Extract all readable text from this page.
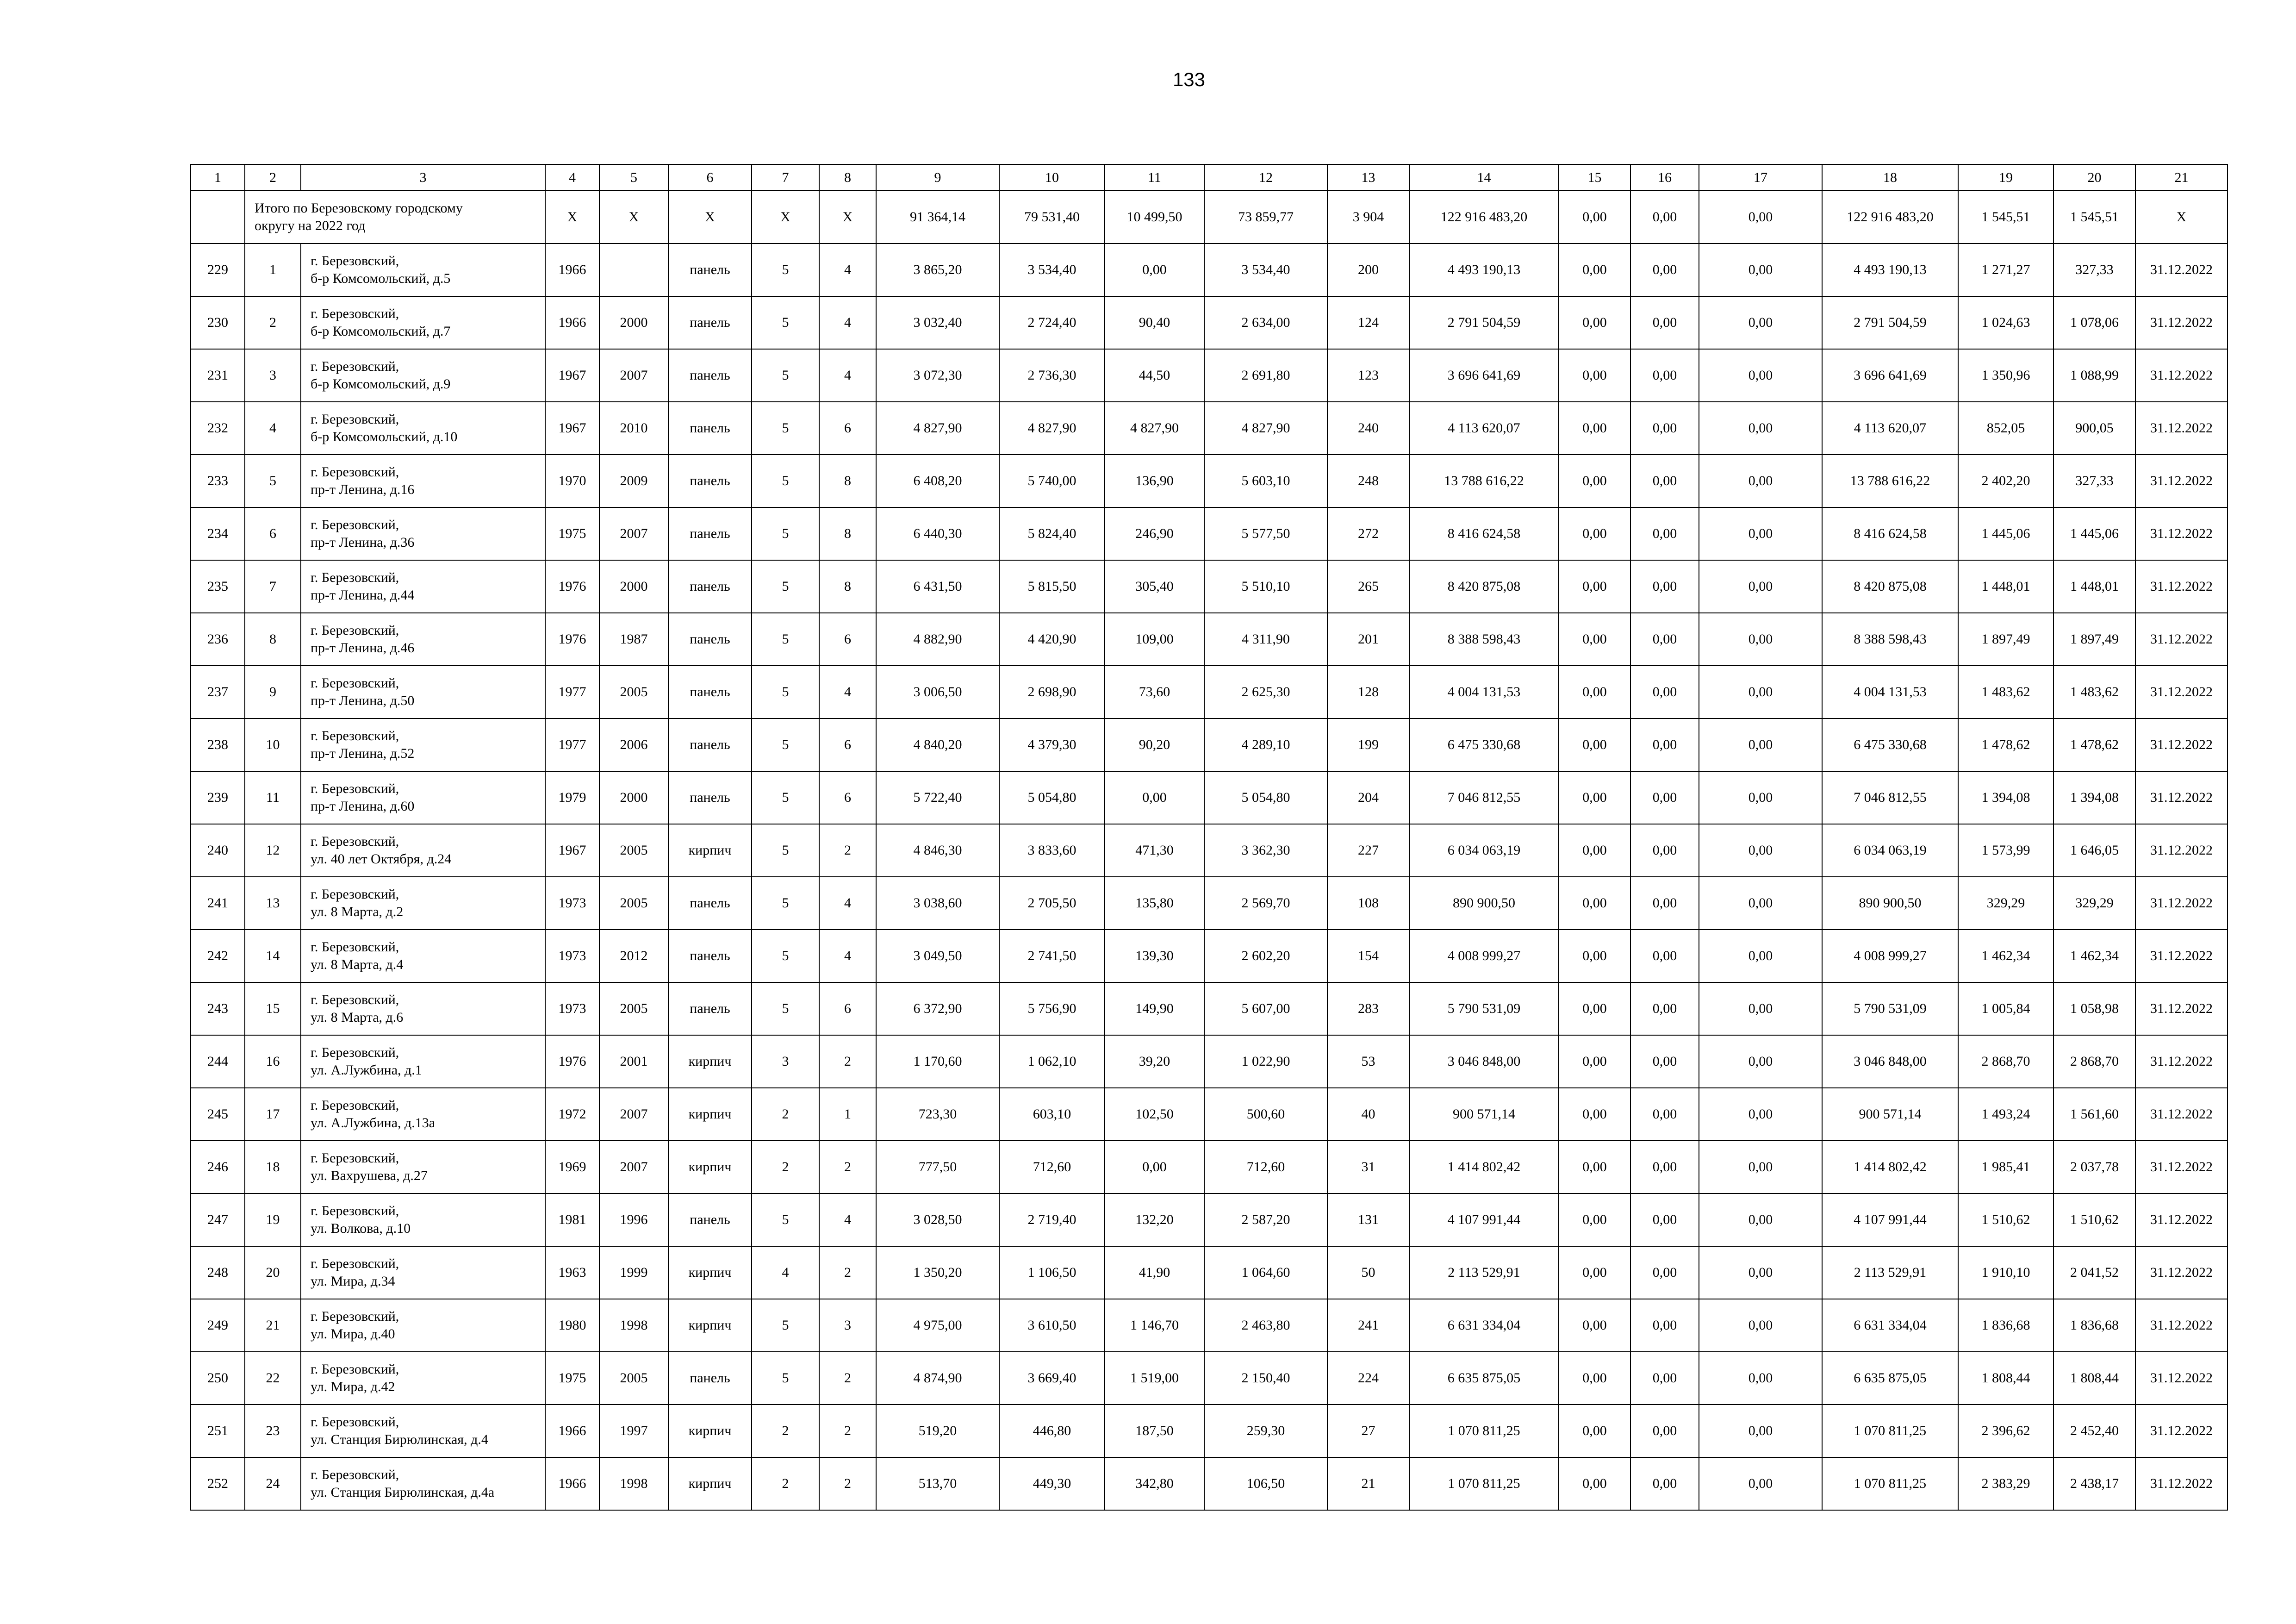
133
1	2	3	4	5	6	7	8	9	10	11	12	13	14	15	16	17	18	19	20	21

	Итого по Березовскому городскому
округу на 2022 год		X	X	X	X	X	91 364,14	79 531,40	10 499,50	73 859,77	3 904	122 916 483,20	0,00	0,00	0,00	122 916 483,20	1 545,51	1 545,51	X
229	1	г. Березовский,
б-р Комсомольский, д.5	1966		панель	5	4	3 865,20	3 534,40	0,00	3 534,40	200	4 493 190,13	0,00	0,00	0,00	4 493 190,13	1 271,27	327,33	31.12.2022
230	2	г. Березовский,
б-р Комсомольский, д.7	1966	2000	панель	5	4	3 032,40	2 724,40	90,40	2 634,00	124	2 791 504,59	0,00	0,00	0,00	2 791 504,59	1 024,63	1 078,06	31.12.2022
231	3	г. Березовский,
б-р Комсомольский, д.9	1967	2007	панель	5	4	3 072,30	2 736,30	44,50	2 691,80	123	3 696 641,69	0,00	0,00	0,00	3 696 641,69	1 350,96	1 088,99	31.12.2022
232	4	г. Березовский,
б-р Комсомольский, д.10	1967	2010	панель	5	6	4 827,90	4 827,90	4 827,90	4 827,90	240	4 113 620,07	0,00	0,00	0,00	4 113 620,07	852,05	900,05	31.12.2022
233	5	г. Березовский,
пр-т Ленина, д.16	1970	2009	панель	5	8	6 408,20	5 740,00	136,90	5 603,10	248	13 788 616,22	0,00	0,00	0,00	13 788 616,22	2 402,20	327,33	31.12.2022
234	6	г. Березовский,
пр-т Ленина, д.36	1975	2007	панель	5	8	6 440,30	5 824,40	246,90	5 577,50	272	8 416 624,58	0,00	0,00	0,00	8 416 624,58	1 445,06	1 445,06	31.12.2022
235	7	г. Березовский,
пр-т Ленина, д.44	1976	2000	панель	5	8	6 431,50	5 815,50	305,40	5 510,10	265	8 420 875,08	0,00	0,00	0,00	8 420 875,08	1 448,01	1 448,01	31.12.2022
236	8	г. Березовский,
пр-т Ленина, д.46	1976	1987	панель	5	6	4 882,90	4 420,90	109,00	4 311,90	201	8 388 598,43	0,00	0,00	0,00	8 388 598,43	1 897,49	1 897,49	31.12.2022
237	9	г. Березовский,
пр-т Ленина, д.50	1977	2005	панель	5	4	3 006,50	2 698,90	73,60	2 625,30	128	4 004 131,53	0,00	0,00	0,00	4 004 131,53	1 483,62	1 483,62	31.12.2022
238	10	г. Березовский,
пр-т Ленина, д.52	1977	2006	панель	5	6	4 840,20	4 379,30	90,20	4 289,10	199	6 475 330,68	0,00	0,00	0,00	6 475 330,68	1 478,62	1 478,62	31.12.2022
239	11	г. Березовский,
пр-т Ленина, д.60	1979	2000	панель	5	6	5 722,40	5 054,80	0,00	5 054,80	204	7 046 812,55	0,00	0,00	0,00	7 046 812,55	1 394,08	1 394,08	31.12.2022
240	12	г. Березовский,
ул. 40 лет Октября, д.24	1967	2005	кирпич	5	2	4 846,30	3 833,60	471,30	3 362,30	227	6 034 063,19	0,00	0,00	0,00	6 034 063,19	1 573,99	1 646,05	31.12.2022
241	13	г. Березовский,
ул. 8 Марта, д.2	1973	2005	панель	5	4	3 038,60	2 705,50	135,80	2 569,70	108	890 900,50	0,00	0,00	0,00	890 900,50	329,29	329,29	31.12.2022
242	14	г. Березовский,
ул. 8 Марта, д.4	1973	2012	панель	5	4	3 049,50	2 741,50	139,30	2 602,20	154	4 008 999,27	0,00	0,00	0,00	4 008 999,27	1 462,34	1 462,34	31.12.2022
243	15	г. Березовский,
ул. 8 Марта, д.6	1973	2005	панель	5	6	6 372,90	5 756,90	149,90	5 607,00	283	5 790 531,09	0,00	0,00	0,00	5 790 531,09	1 005,84	1 058,98	31.12.2022
244	16	г. Березовский,
ул. А.Лужбина, д.1	1976	2001	кирпич	3	2	1 170,60	1 062,10	39,20	1 022,90	53	3 046 848,00	0,00	0,00	0,00	3 046 848,00	2 868,70	2 868,70	31.12.2022
245	17	г. Березовский,
ул. А.Лужбина, д.13а	1972	2007	кирпич	2	1	723,30	603,10	102,50	500,60	40	900 571,14	0,00	0,00	0,00	900 571,14	1 493,24	1 561,60	31.12.2022
246	18	г. Березовский,
ул. Вахрушева, д.27	1969	2007	кирпич	2	2	777,50	712,60	0,00	712,60	31	1 414 802,42	0,00	0,00	0,00	1 414 802,42	1 985,41	2 037,78	31.12.2022
247	19	г. Березовский,
ул. Волкова, д.10	1981	1996	панель	5	4	3 028,50	2 719,40	132,20	2 587,20	131	4 107 991,44	0,00	0,00	0,00	4 107 991,44	1 510,62	1 510,62	31.12.2022
248	20	г. Березовский,
ул. Мира, д.34	1963	1999	кирпич	4	2	1 350,20	1 106,50	41,90	1 064,60	50	2 113 529,91	0,00	0,00	0,00	2 113 529,91	1 910,10	2 041,52	31.12.2022
249	21	г. Березовский,
ул. Мира, д.40	1980	1998	кирпич	5	3	4 975,00	3 610,50	1 146,70	2 463,80	241	6 631 334,04	0,00	0,00	0,00	6 631 334,04	1 836,68	1 836,68	31.12.2022
250	22	г. Березовский,
ул. Мира, д.42	1975	2005	панель	5	2	4 874,90	3 669,40	1 519,00	2 150,40	224	6 635 875,05	0,00	0,00	0,00	6 635 875,05	1 808,44	1 808,44	31.12.2022
251	23	г. Березовский,
ул. Станция Бирюлинская, д.4	1966	1997	кирпич	2	2	519,20	446,80	187,50	259,30	27	1 070 811,25	0,00	0,00	0,00	1 070 811,25	2 396,62	2 452,40	31.12.2022
252	24	г. Березовский,
ул. Станция Бирюлинская, д.4а	1966	1998	кирпич	2	2	513,70	449,30	342,80	106,50	21	1 070 811,25	0,00	0,00	0,00	1 070 811,25	2 383,29	2 438,17	31.12.2022
